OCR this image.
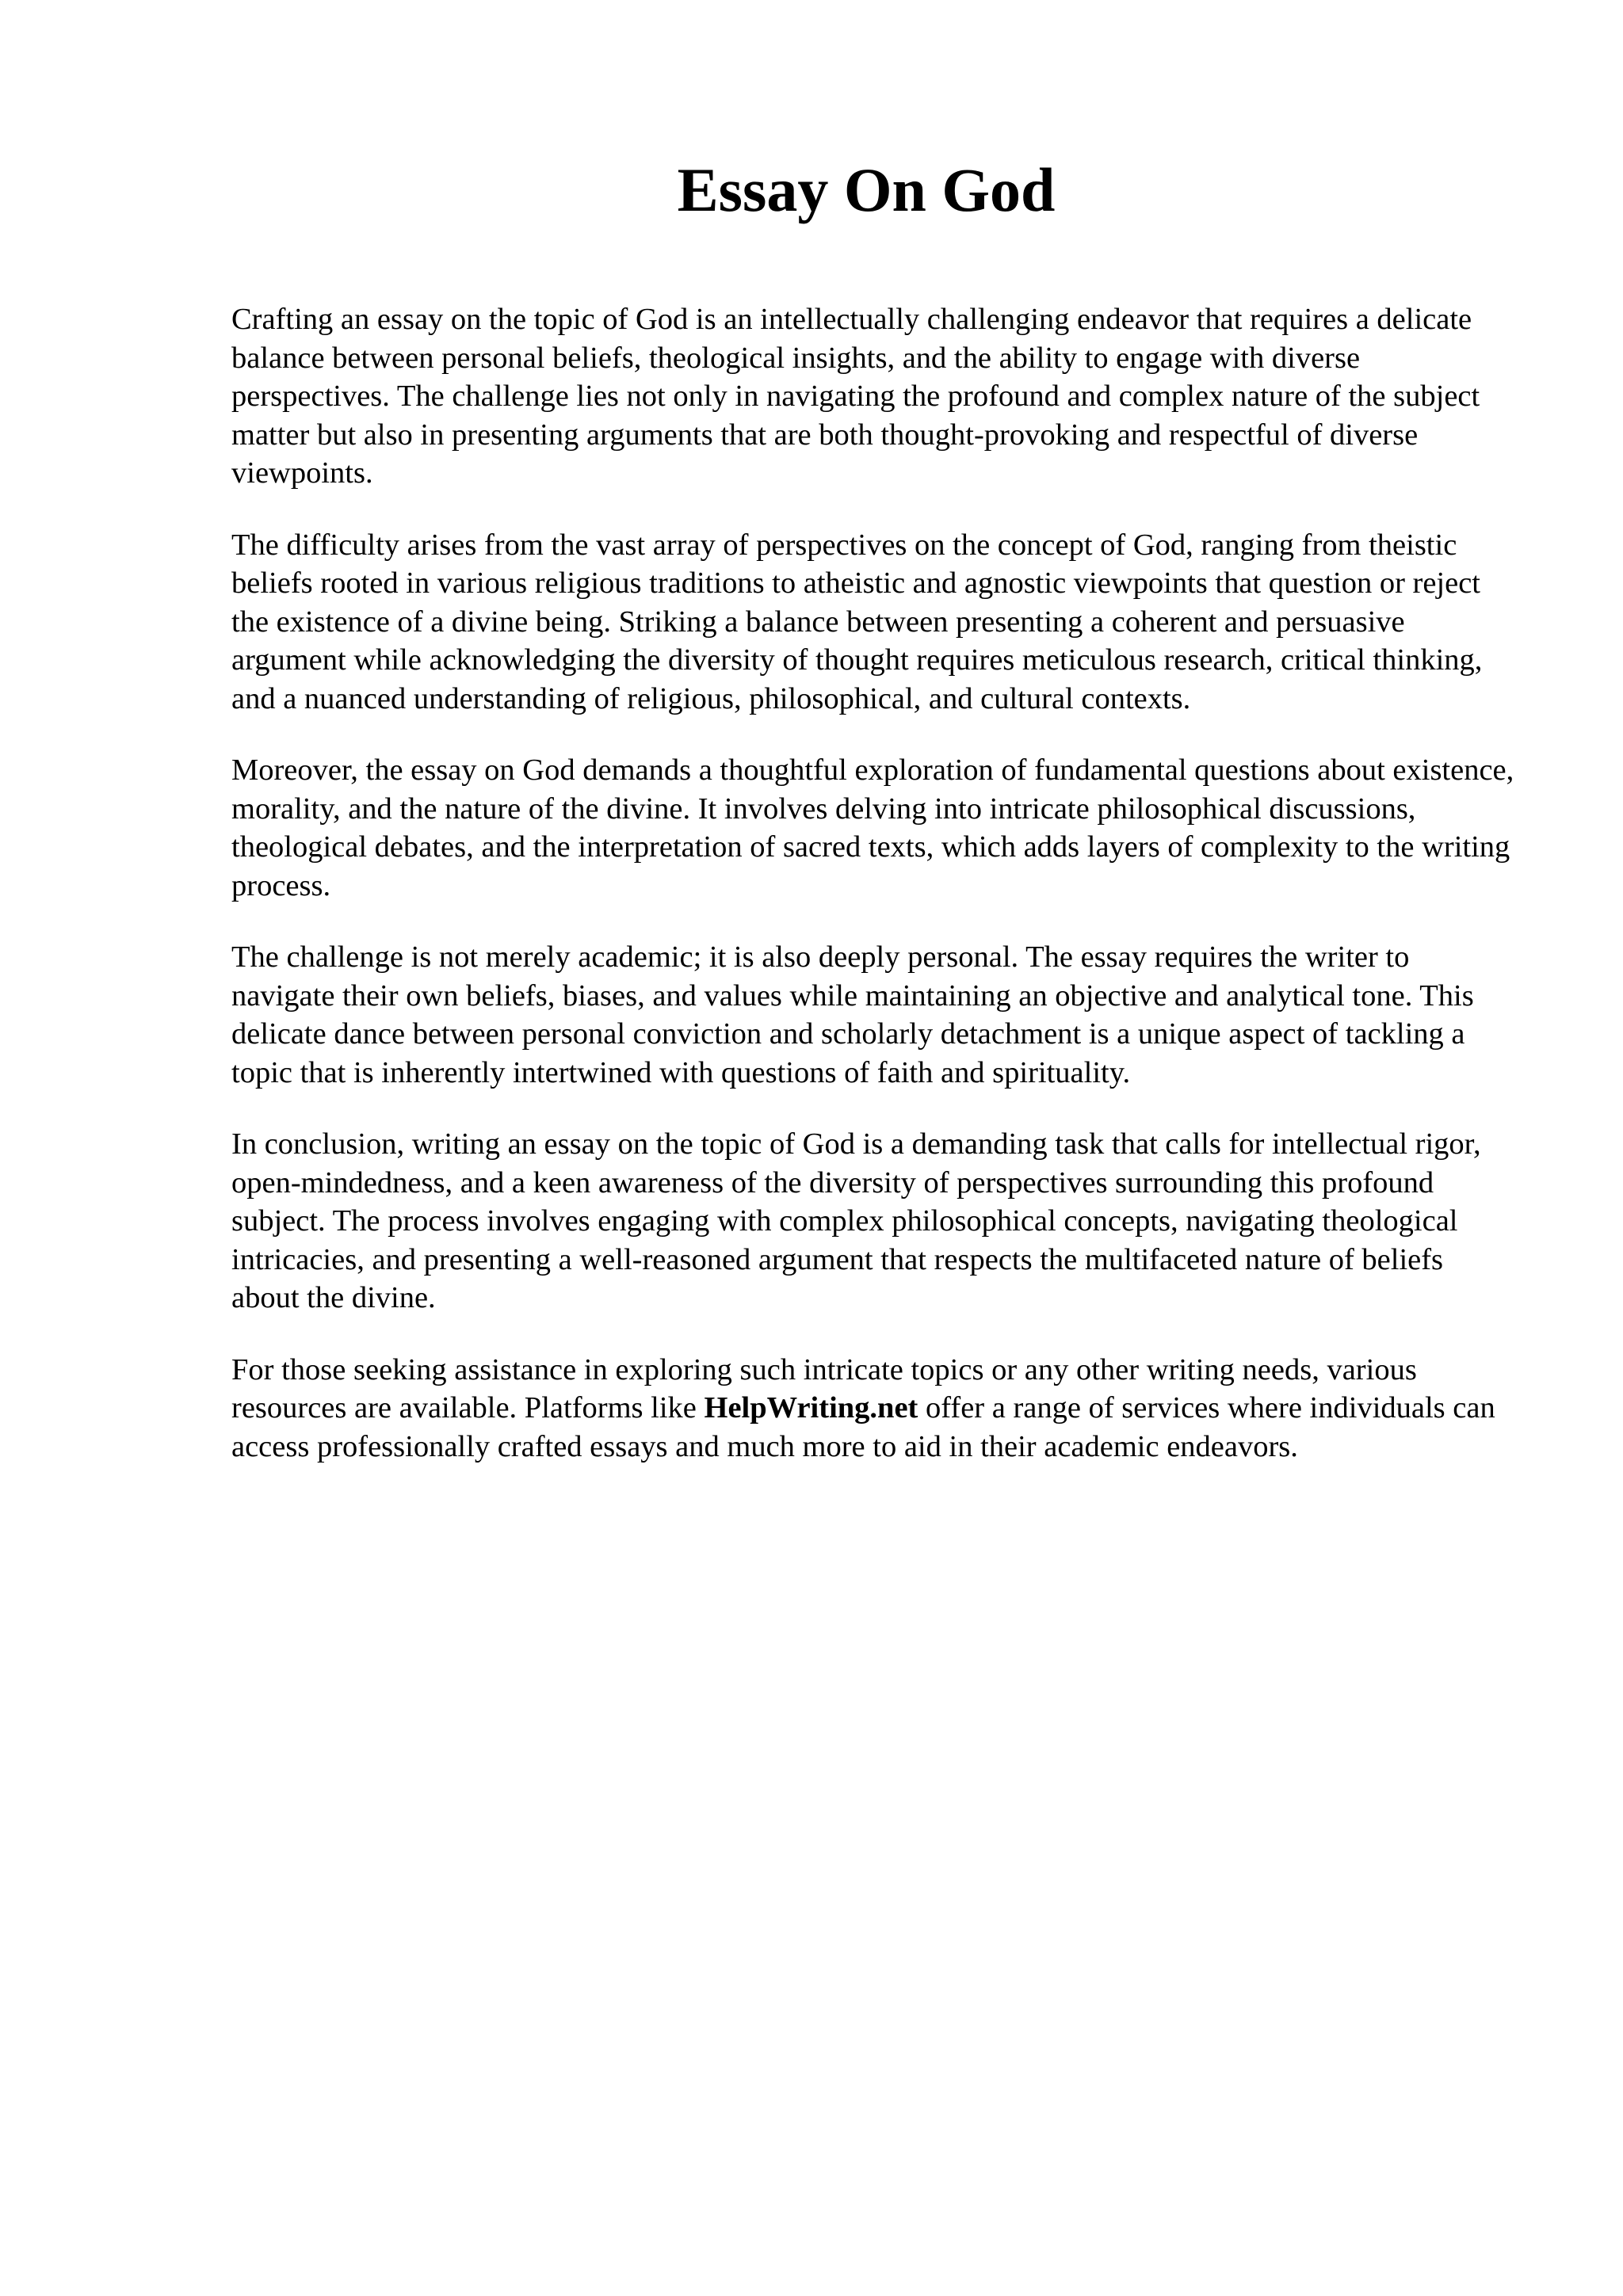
Essay On God

Crafting an essay on the topic of God is an intellectually challenging endeavor that requires a delicate balance between personal beliefs, theological insights, and the ability to engage with diverse perspectives. The challenge lies not only in navigating the profound and complex nature of the subject matter but also in presenting arguments that are both thought-provoking and respectful of diverse viewpoints.

The difficulty arises from the vast array of perspectives on the concept of God, ranging from theistic beliefs rooted in various religious traditions to atheistic and agnostic viewpoints that question or reject the existence of a divine being. Striking a balance between presenting a coherent and persuasive argument while acknowledging the diversity of thought requires meticulous research, critical thinking, and a nuanced understanding of religious, philosophical, and cultural contexts.

Moreover, the essay on God demands a thoughtful exploration of fundamental questions about existence, morality, and the nature of the divine. It involves delving into intricate philosophical discussions, theological debates, and the interpretation of sacred texts, which adds layers of complexity to the writing process.

The challenge is not merely academic; it is also deeply personal. The essay requires the writer to navigate their own beliefs, biases, and values while maintaining an objective and analytical tone. This delicate dance between personal conviction and scholarly detachment is a unique aspect of tackling a topic that is inherently intertwined with questions of faith and spirituality.

In conclusion, writing an essay on the topic of God is a demanding task that calls for intellectual rigor, open-mindedness, and a keen awareness of the diversity of perspectives surrounding this profound subject. The process involves engaging with complex philosophical concepts, navigating theological intricacies, and presenting a well-reasoned argument that respects the multifaceted nature of beliefs about the divine.

For those seeking assistance in exploring such intricate topics or any other writing needs, various resources are available. Platforms like HelpWriting.net offer a range of services where individuals can access professionally crafted essays and much more to aid in their academic endeavors.
